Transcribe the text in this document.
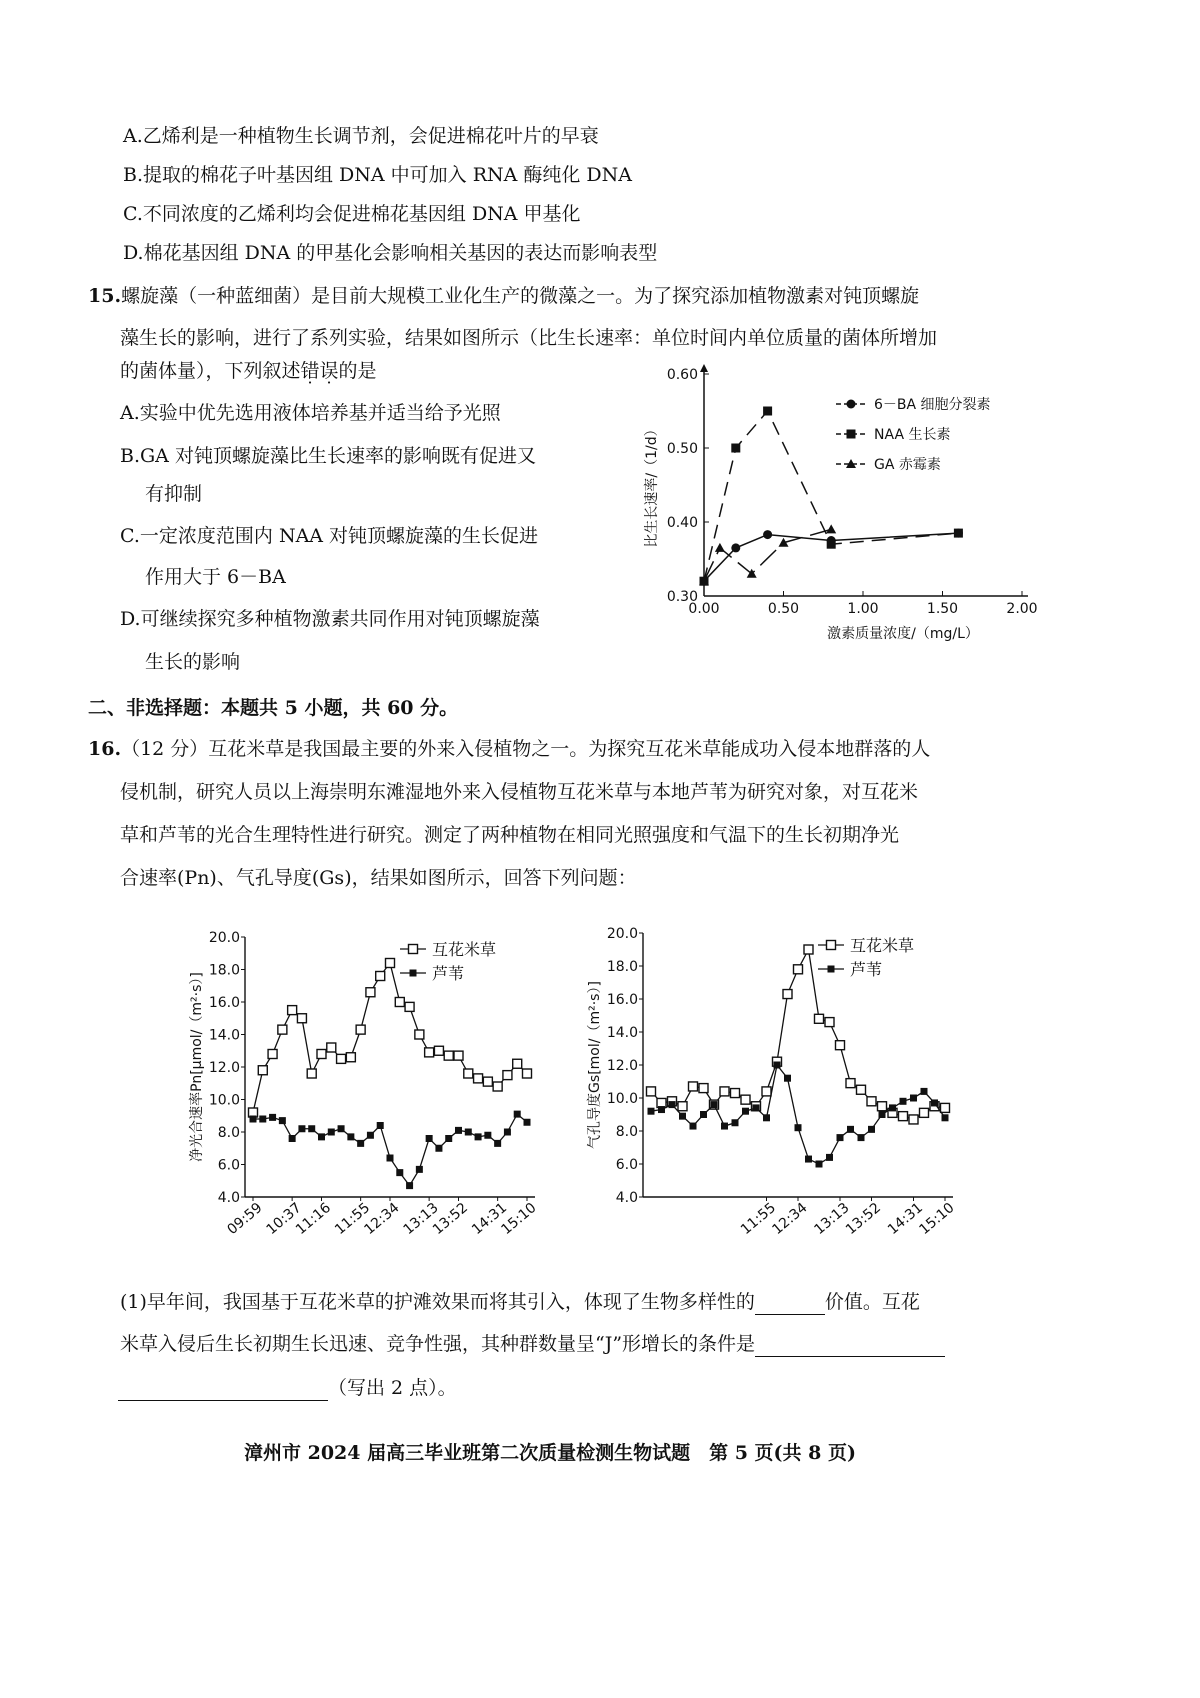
A.乙烯利是一种植物生长调节剂，会促进棉花叶片的早衰
B.提取的棉花子叶基因组 DNA 中可加入 RNA 酶纯化 DNA
C.不同浓度的乙烯利均会促进棉花基因组 DNA 甲基化
D.棉花基因组 DNA 的甲基化会影响相关基因的表达而影响表型
15.螺旋藻（一种蓝细菌）是目前大规模工业化生产的微藻之一。为了探究添加植物激素对钝顶螺旋
藻生长的影响，进行了系列实验，结果如图所示（比生长速率：单位时间内单位质量的菌体所增加
的菌体量），下列叙述错误的是
A.实验中优先选用液体培养基并适当给予光照
B.GA 对钝顶螺旋藻比生长速率的影响既有促进又
有抑制
C.一定浓度范围内 NAA 对钝顶螺旋藻的生长促进
作用大于 6－BA
D.可继续探究多种植物激素共同作用对钝顶螺旋藻
生长的影响
0.30
0.40
0.50
0.60
0.00	0.50	1.00	1.50	2.00
激素质量浓度/（mg/L）
比生长速率/（1/d）
6－BA 细胞分裂素
NAA 生长素
GA 赤霉素
二、非选择题：本题共 5 小题，共 60 分。
16.（12 分）互花米草是我国最主要的外来入侵植物之一。为探究互花米草能成功入侵本地群落的人
侵机制，研究人员以上海崇明东滩湿地外来入侵植物互花米草与本地芦苇为研究对象，对互花米
草和芦苇的光合生理特性进行研究。测定了两种植物在相同光照强度和气温下的生长初期净光
合速率(Pn)、气孔导度(Gs)，结果如图所示，回答下列问题：
4.0
6.0
8.0
10.0
12.0
14.0
16.0
18.0
20.0
09:59
10:37
11:16
11:55
12:34
13:13
13:52
14:31
15:10
净光合速率Pn[μmol/（m²·s）]
互花米草
芦苇
4.0
6.0
8.0
10.0
12.0
14.0
16.0
18.0
20.0
11:55
12:34 13:13
13:52 14:31
15:10
气孔导度Gs[mol/（m²·s）]
互花米草
芦苇
(1)早年间，我国基于互花米草的护滩效果而将其引入，体现了生物多样性的	价值。互花
米草入侵后生长初期生长迅速、竞争性强，其种群数量呈“J”形增长的条件是
（写出 2 点）。
漳州市 2024 届高三毕业班第二次质量检测生物试题　第 5 页(共 8 页)
